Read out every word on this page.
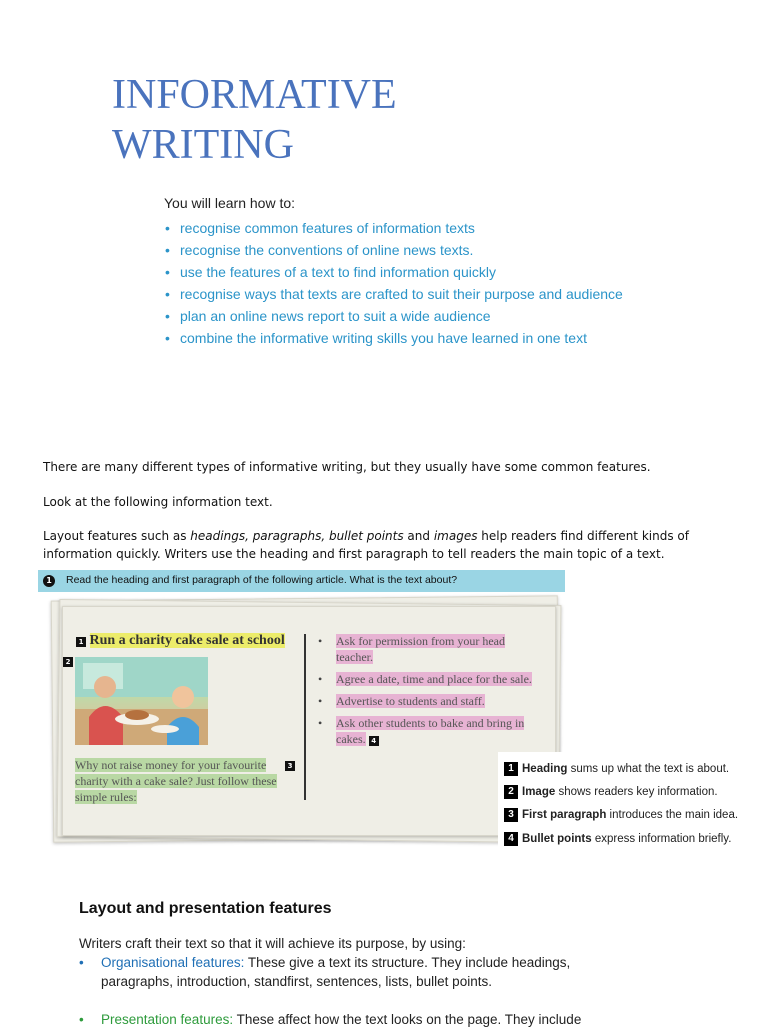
INFORMATIVE
WRITING
You will learn how to:
• recognise common features of information texts
• recognise the conventions of online news texts.
• use the features of a text to find information quickly
• recognise ways that texts are crafted to suit their purpose and audience
• plan an online news report to suit a wide audience
• combine the informative writing skills you have learned in one text
There are many different types of informative writing, but they usually have some common features.
Look at the following information text.
Layout features such as headings, paragraphs, bullet points and images help readers find different kinds of information quickly. Writers use the heading and first paragraph to tell readers the main topic of a text.
1	Read the heading and first paragraph of the following article. What is the text about?
1 Run a charity cake sale at school
2
Why not raise money for your favourite charity with a cake sale? Just follow these simple rules:
3
• Ask for permission from your head teacher.
• Agree a date, time and place for the sale.
• Advertise to students and staff.
• Ask other students to bake and bring in cakes. 4
1 Heading sums up what the text is about.
2 Image shows readers key information.
3 First paragraph introduces the main idea.
4 Bullet points express information briefly.
Layout and presentation features
Writers craft their text so that it will achieve its purpose, by using:
•	Organisational features: These give a text its structure. They include headings, paragraphs, introduction, standfirst, sentences, lists, bullet points.
•	Presentation features: These affect how the text looks on the page. They include
